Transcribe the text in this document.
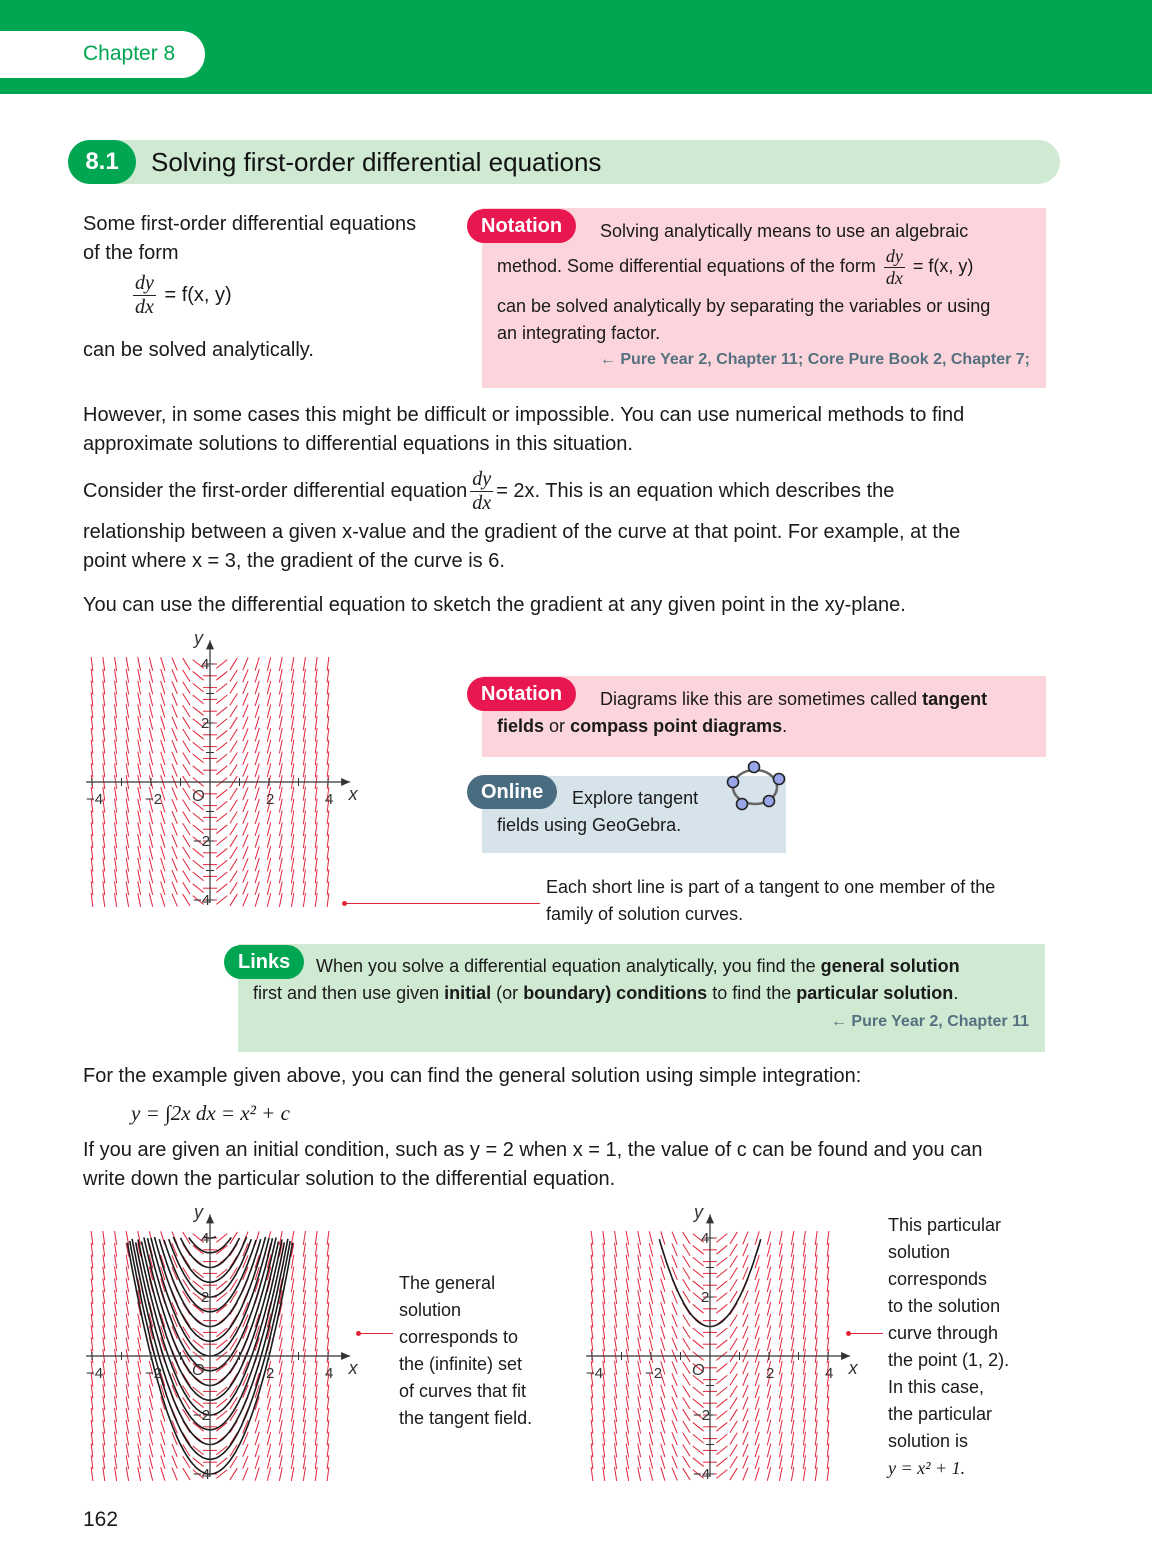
Chapter 8
8.1	Solving first-order differential equations
Some first-order differential equations
of the form
$\frac{dy}{dx} = f(x$, y)
can be solved analytically.
Solving analytically means to use an algebraic
method. Some differential equations of the form $\frac{dy}{dx} = f(x$, y)
can be solved analytically by separating the variables or using
an integrating factor.
← Pure Year 2, Chapter 11; Core Pure Book 2, Chapter 7;
Notation
However, in some cases this might be difficult or impossible. You can use numerical methods to find
approximate solutions to differential equations in this situation.
Consider the first-order differential equation $\frac{dy}{dx} = 2x$. This is an equation which describes the
relationship between a given x-value and the gradient of the curve at that point. For example, at the
point where x = 3, the gradient of the curve is 6.
You can use the differential equation to sketch the gradient at any given point in the xy-plane.
−4	−2	2	4
4
2
−2
−4
O	x
y
Diagrams like this are sometimes called tangent
fields or compass point diagrams.
Notation
Explore tangent
fields using GeoGebra.
Online
Each short line is part of a tangent to one member of the
family of solution curves.
When you solve a differential equation analytically, you find the general solution
first and then use given initial (or boundary) conditions to find the particular solution.
← Pure Year 2, Chapter 11
Links
For the example given above, you can find the general solution using simple integration:
y = ∫2x dx = x² + c
If you are given an initial condition, such as y = 2 when x = 1, the value of c can be found and you can
write down the particular solution to the differential equation.
−4	−2	2	4
4
2
−2
−4
O	x
y
The general
solution
corresponds to
the (infinite) set
of curves that fit
the tangent field.
−4	−2	2	4
4
2
−2
−4
O	x
y
This particular
solution
corresponds
to the solution
curve through
the point (1, 2).
In this case,
the particular
solution is
y = x² + 1.
162
